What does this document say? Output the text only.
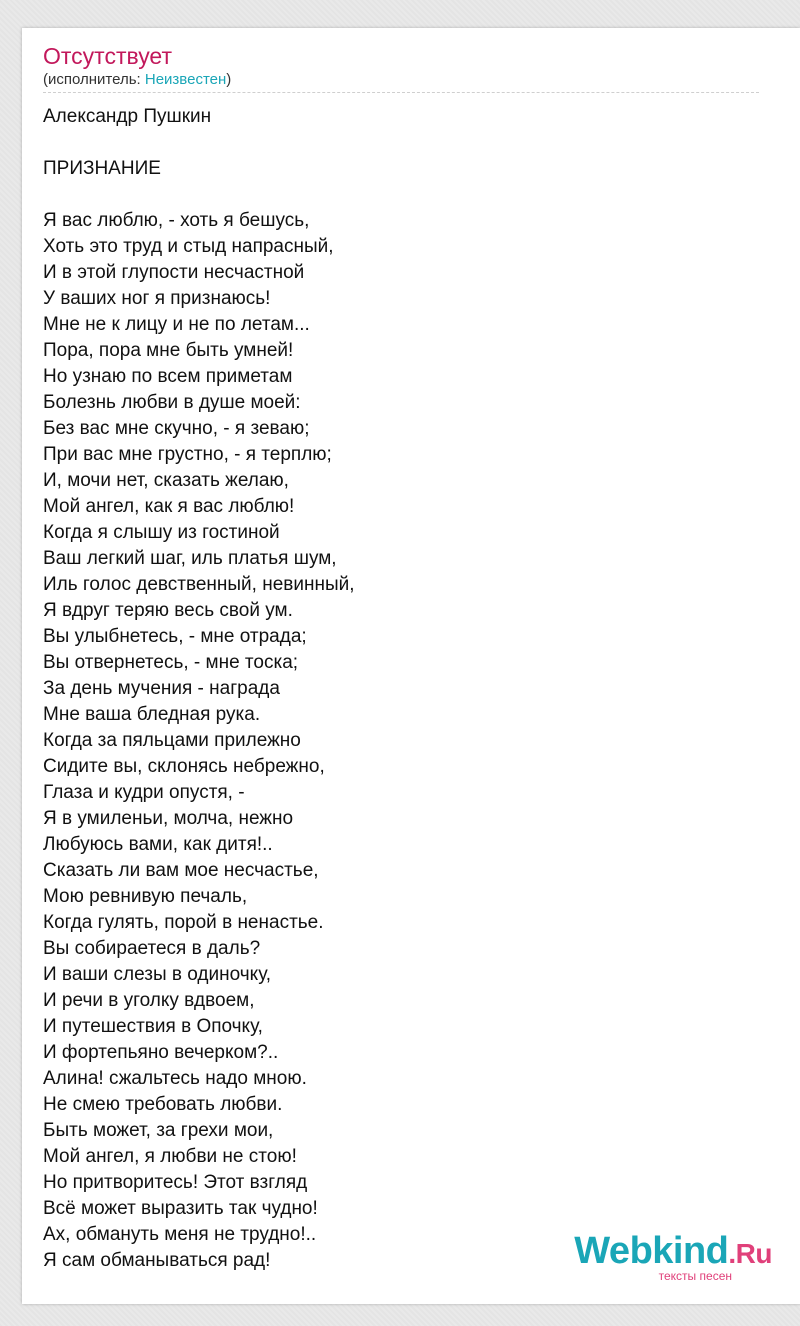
Отсутствует
(исполнитель: Неизвестен)
Александр Пушкин

ПРИЗНАНИЕ

Я вас люблю, - хоть я бешусь,
Хоть это труд и стыд напрасный,
И в этой глупости несчастной
У ваших ног я признаюсь!
Мне не к лицу и не по летам...
Пора, пора мне быть умней!
Но узнаю по всем приметам
Болезнь любви в душе моей:
Без вас мне скучно, - я зеваю;
При вас мне грустно, - я терплю;
И, мочи нет, сказать желаю,
Мой ангел, как я вас люблю!
Когда я слышу из гостиной
Ваш легкий шаг, иль платья шум,
Иль голос девственный, невинный,
Я вдруг теряю весь свой ум.
Вы улыбнетесь, - мне отрада;
Вы отвернетесь, - мне тоска;
За день мучения - награда
Мне ваша бледная рука.
Когда за пяльцами прилежно
Сидите вы, склонясь небрежно,
Глаза и кудри опустя, -
Я в умиленьи, молча, нежно
Любуюсь вами, как дитя!..
Сказать ли вам мое несчастье,
Мою ревнивую печаль,
Когда гулять, порой в ненастье.
Вы собираетеся в даль?
И ваши слезы в одиночку,
И речи в уголку вдвоем,
И путешествия в Опочку,
И фортепьяно вечерком?..
Алина! сжальтесь надо мною.
Не смею требовать любви.
Быть может, за грехи мои,
Мой ангел, я любви не стою!
Но притворитесь! Этот взгляд
Всё может выразить так чудно!
Ах, обмануть меня не трудно!..
Я сам обманываться рад!	Webkind.Ru
тексты песен
